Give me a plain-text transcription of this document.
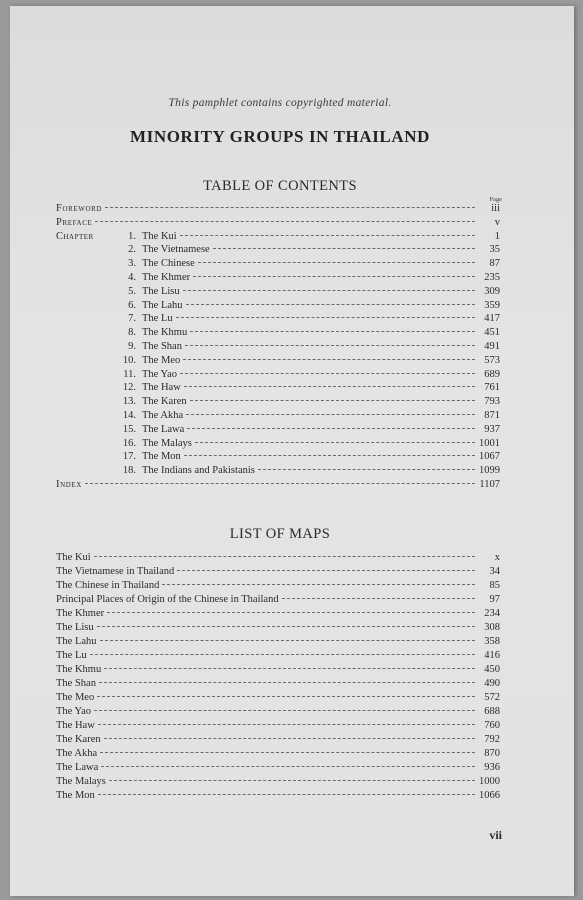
This pamphlet contains copyrighted material.
MINORITY GROUPS IN THAILAND
TABLE OF CONTENTS
Page
Foreword	iii
Preface	v
Chapter	1. The Kui	1
2. The Vietnamese	35
3. The Chinese	87
4. The Khmer	235
5. The Lisu	309
6. The Lahu	359
7. The Lu	417
8. The Khmu	451
9. The Shan	491
10. The Meo	573
11. The Yao	689
12. The Haw	761
13. The Karen	793
14. The Akha	871
15. The Lawa	937
16. The Malays	1001
17. The Mon	1067
18. The Indians and Pakistanis	1099
Index	1107
LIST OF MAPS
The Kui	x
The Vietnamese in Thailand	34
The Chinese in Thailand	85
Principal Places of Origin of the Chinese in Thailand	97
The Khmer	234
The Lisu	308
The Lahu	358
The Lu	416
The Khmu	450
The Shan	490
The Meo	572
The Yao	688
The Haw	760
The Karen	792
The Akha	870
The Lawa	936
The Malays	1000
The Mon	1066
vii
